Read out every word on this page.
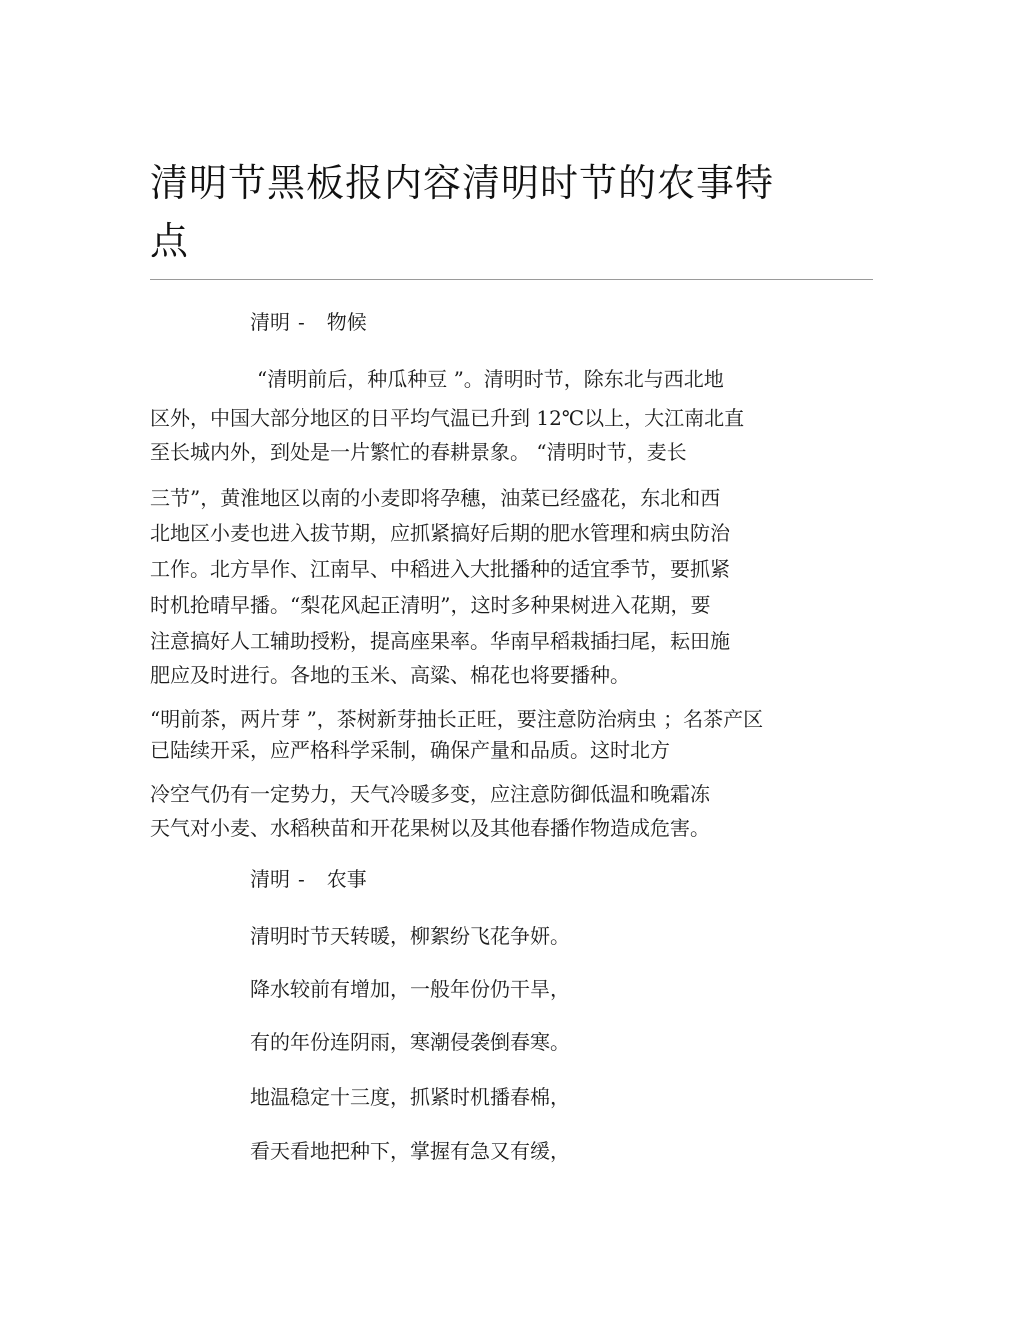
清明节黑板报内容清明时节的农事特
点
清明 - 物候
“清明前后，种瓜种豆 ”。清明时节，除东北与西北地
区外，中国大部分地区的日平均气温已升到 12℃以上，大江南北直
至长城内外，到处是一片繁忙的春耕景象。 “清明时节，麦长
三节”，黄淮地区以南的小麦即将孕穗，油菜已经盛花，东北和西
北地区小麦也进入拔节期，应抓紧搞好后期的肥水管理和病虫防治
工作。北方旱作、江南早、中稻进入大批播种的适宜季节，要抓紧
时机抢晴早播。“梨花风起正清明”，这时多种果树进入花期，要
注意搞好人工辅助授粉，提高座果率。华南早稻栽插扫尾，耘田施
肥应及时进行。各地的玉米、高粱、棉花也将要播种。
“明前茶，两片芽 ”，茶树新芽抽长正旺，要注意防治病虫 ；名茶产区
已陆续开采，应严格科学采制，确保产量和品质。这时北方
冷空气仍有一定势力，天气冷暖多变，应注意防御低温和晚霜冻
天气对小麦、水稻秧苗和开花果树以及其他春播作物造成危害。
清明 - 农事
清明时节天转暖，柳絮纷飞花争妍。
降水较前有增加，一般年份仍干旱，
有的年份连阴雨，寒潮侵袭倒春寒。
地温稳定十三度，抓紧时机播春棉，
看天看地把种下，掌握有急又有缓，
